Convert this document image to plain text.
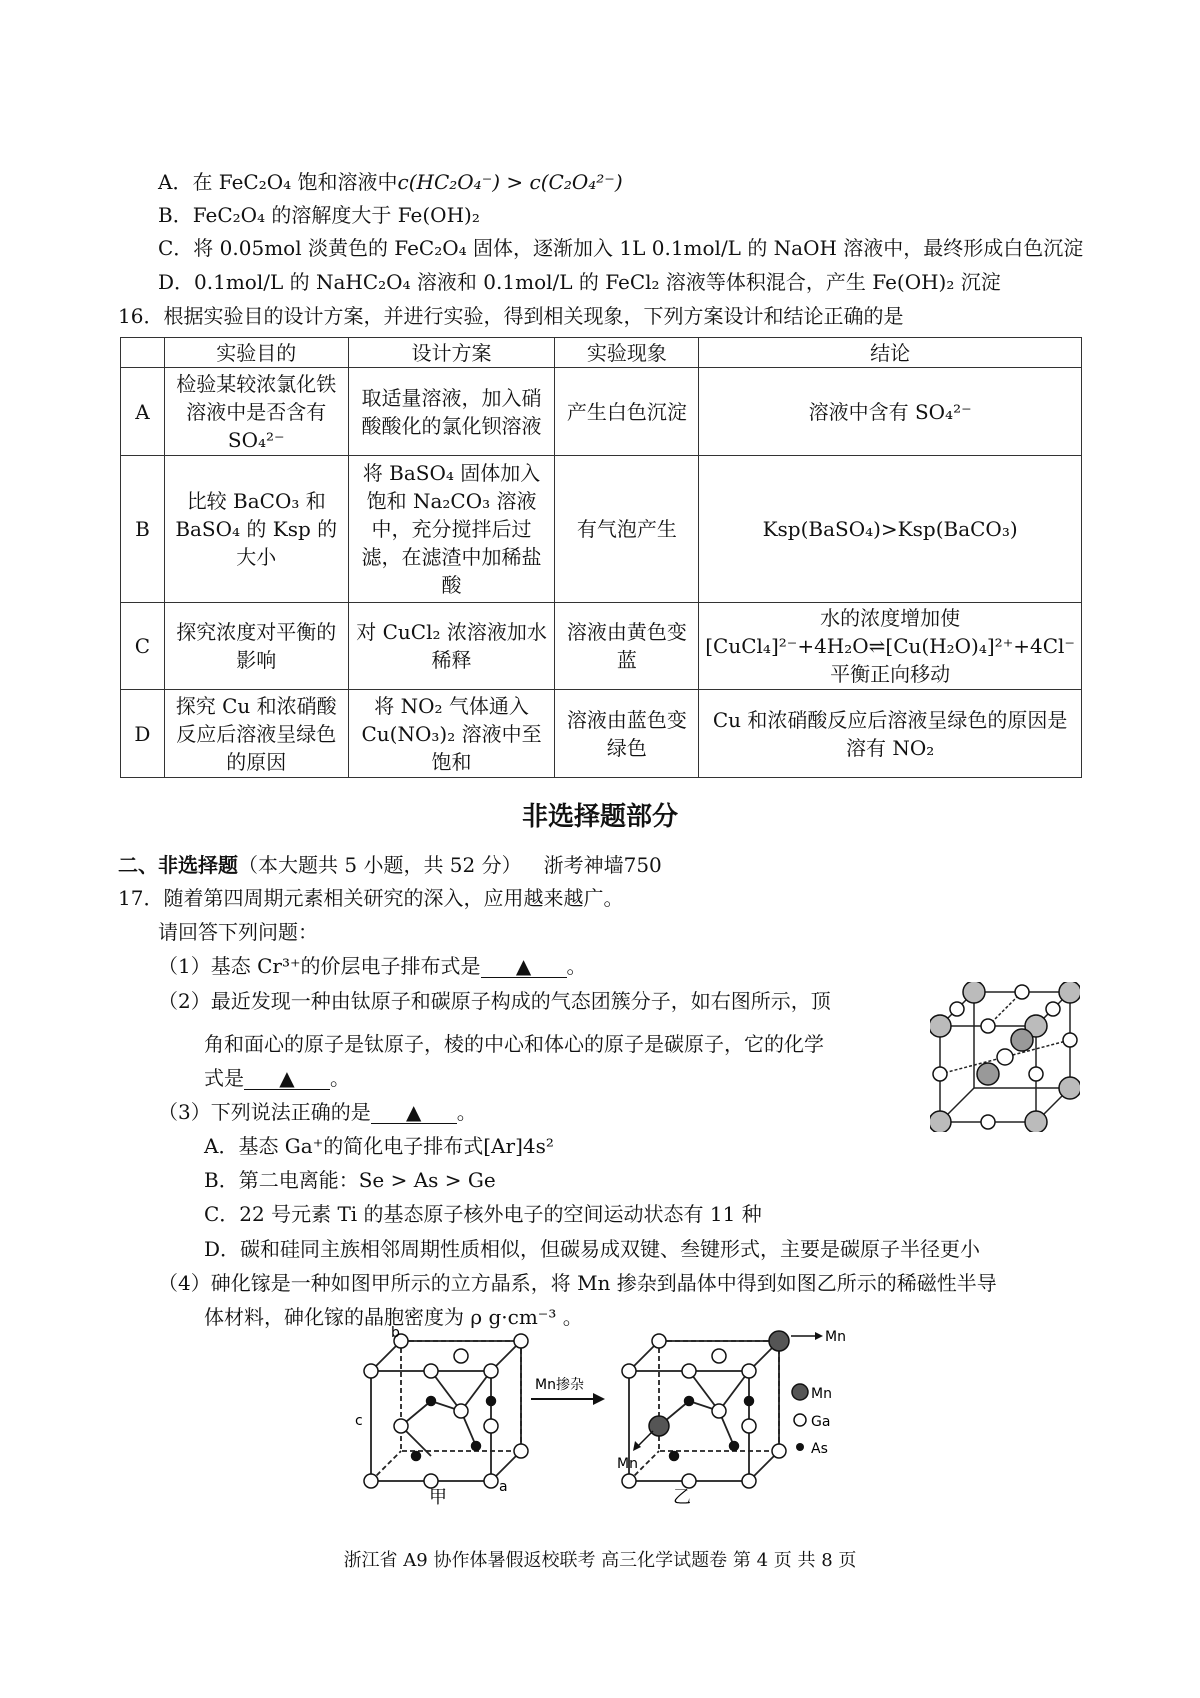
A．在 FeC₂O₄ 饱和溶液中c(HC₂O₄⁻) > c(C₂O₄²⁻)
B．FeC₂O₄ 的溶解度大于 Fe(OH)₂
C．将 0.05mol 淡黄色的 FeC₂O₄ 固体，逐渐加入 1L 0.1mol/L 的 NaOH 溶液中，最终形成白色沉淀
D．0.1mol/L 的 NaHC₂O₄ 溶液和 0.1mol/L 的 FeCl₂ 溶液等体积混合，产生 Fe(OH)₂ 沉淀
16．根据实验目的设计方案，并进行实验，得到相关现象，下列方案设计和结论正确的是
	实验目的	设计方案	实验现象	结论
A	检验某较浓氯化铁溶液中是否含有 SO₄²⁻	取适量溶液，加入硝酸酸化的氯化钡溶液	产生白色沉淀	溶液中含有 SO₄²⁻
B	比较 BaCO₃ 和 BaSO₄ 的 Ksp 的大小	将 BaSO₄ 固体加入饱和 Na₂CO₃ 溶液中，充分搅拌后过滤，在滤渣中加稀盐酸	有气泡产生	Ksp(BaSO₄)>Ksp(BaCO₃)
C	探究浓度对平衡的影响	对 CuCl₂ 浓溶液加水稀释	溶液由黄色变蓝	水的浓度增加使 [CuCl₄]²⁻+4H₂O⇌[Cu(H₂O)₄]²⁺+4Cl⁻ 平衡正向移动
D	探究 Cu 和浓硝酸反应后溶液呈绿色的原因	将 NO₂ 气体通入 Cu(NO₃)₂ 溶液中至饱和	溶液由蓝色变绿色	Cu 和浓硝酸反应后溶液呈绿色的原因是溶有 NO₂
非选择题部分
二、非选择题（本大题共 5 小题，共 52 分） 浙考神墙750
17．随着第四周期元素相关研究的深入，应用越来越广。
请回答下列问题：
（1）基态 Cr³⁺的价层电子排布式是 ▲ 。
（2）最近发现一种由钛原子和碳原子构成的气态团簇分子，如右图所示，顶
角和面心的原子是钛原子，棱的中心和体心的原子是碳原子，它的化学
式是 ▲ 。
（3）下列说法正确的是 ▲ 。
A．基态 Ga⁺的简化电子排布式[Ar]4s²
B．第二电离能：Se > As > Ge
C．22 号元素 Ti 的基态原子核外电子的空间运动状态有 11 种
D．碳和硅同主族相邻周期性质相似，但碳易成双键、叁键形式，主要是碳原子半径更小
（4）砷化镓是一种如图甲所示的立方晶系，将 Mn 掺杂到晶体中得到如图乙所示的稀磁性半导
体材料，砷化镓的晶胞密度为 ρ g·cm⁻³ 。
b
c
a
甲
Mn掺杂
Mn
Mn
乙
Mn
Ga
As
浙江省 A9 协作体暑假返校联考 高三化学试题卷 第 4 页 共 8 页
